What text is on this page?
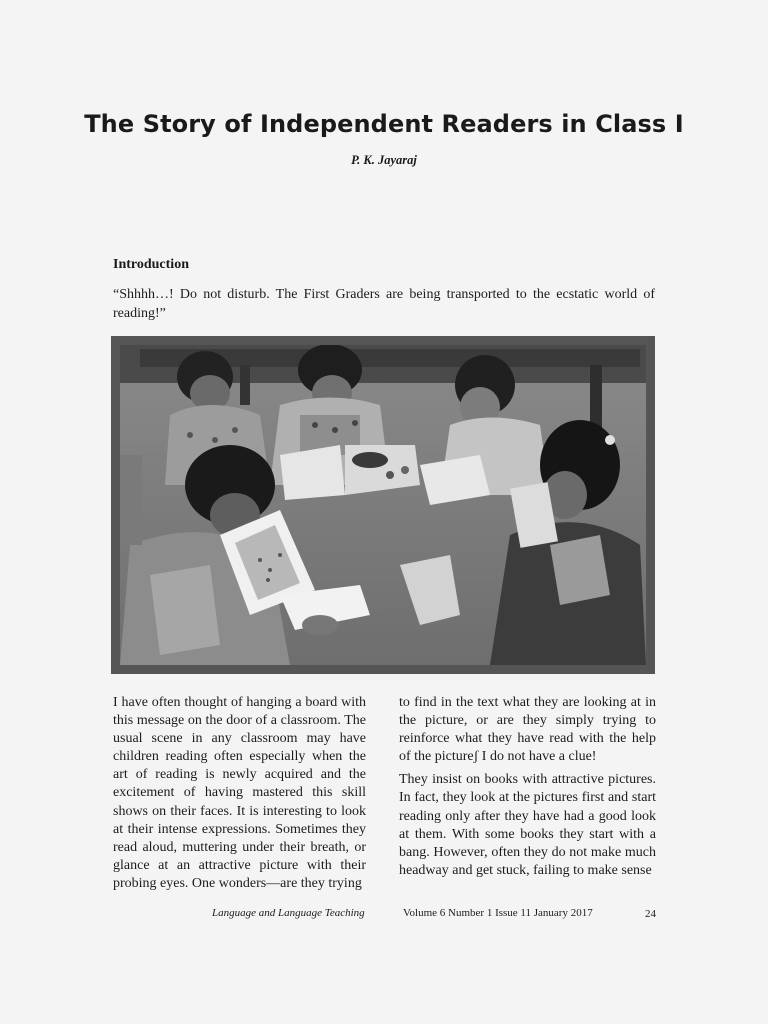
The Story of Independent Readers in Class I
P. K. Jayaraj
Introduction
“Shhhh…! Do not disturb. The First Graders are being transported to the ecstatic world of reading!”

I have often thought of hanging a board with this message on the door of a classroom. The usual scene in any classroom may have children reading often especially when the art of reading is newly acquired and the excitement of having mastered this skill shows on their faces. It is interesting to look at their intense expressions. Sometimes they read aloud, muttering under their breath, or glance at an attractive picture with their probing eyes. One wonders—are they trying

to find in the text what they are looking at in the picture, or are they simply trying to reinforce what they have read with the help of the pictureʃ I do not have a clue!

They insist on books with attractive pictures. In fact, they look at the pictures first and start reading only after they have had a good look at them. With some books they start with a bang. However, often they do not make much headway and get stuck, failing to make sense

Language and Language Teaching	Volume 6 Number 1 Issue 11 January 2017	24
